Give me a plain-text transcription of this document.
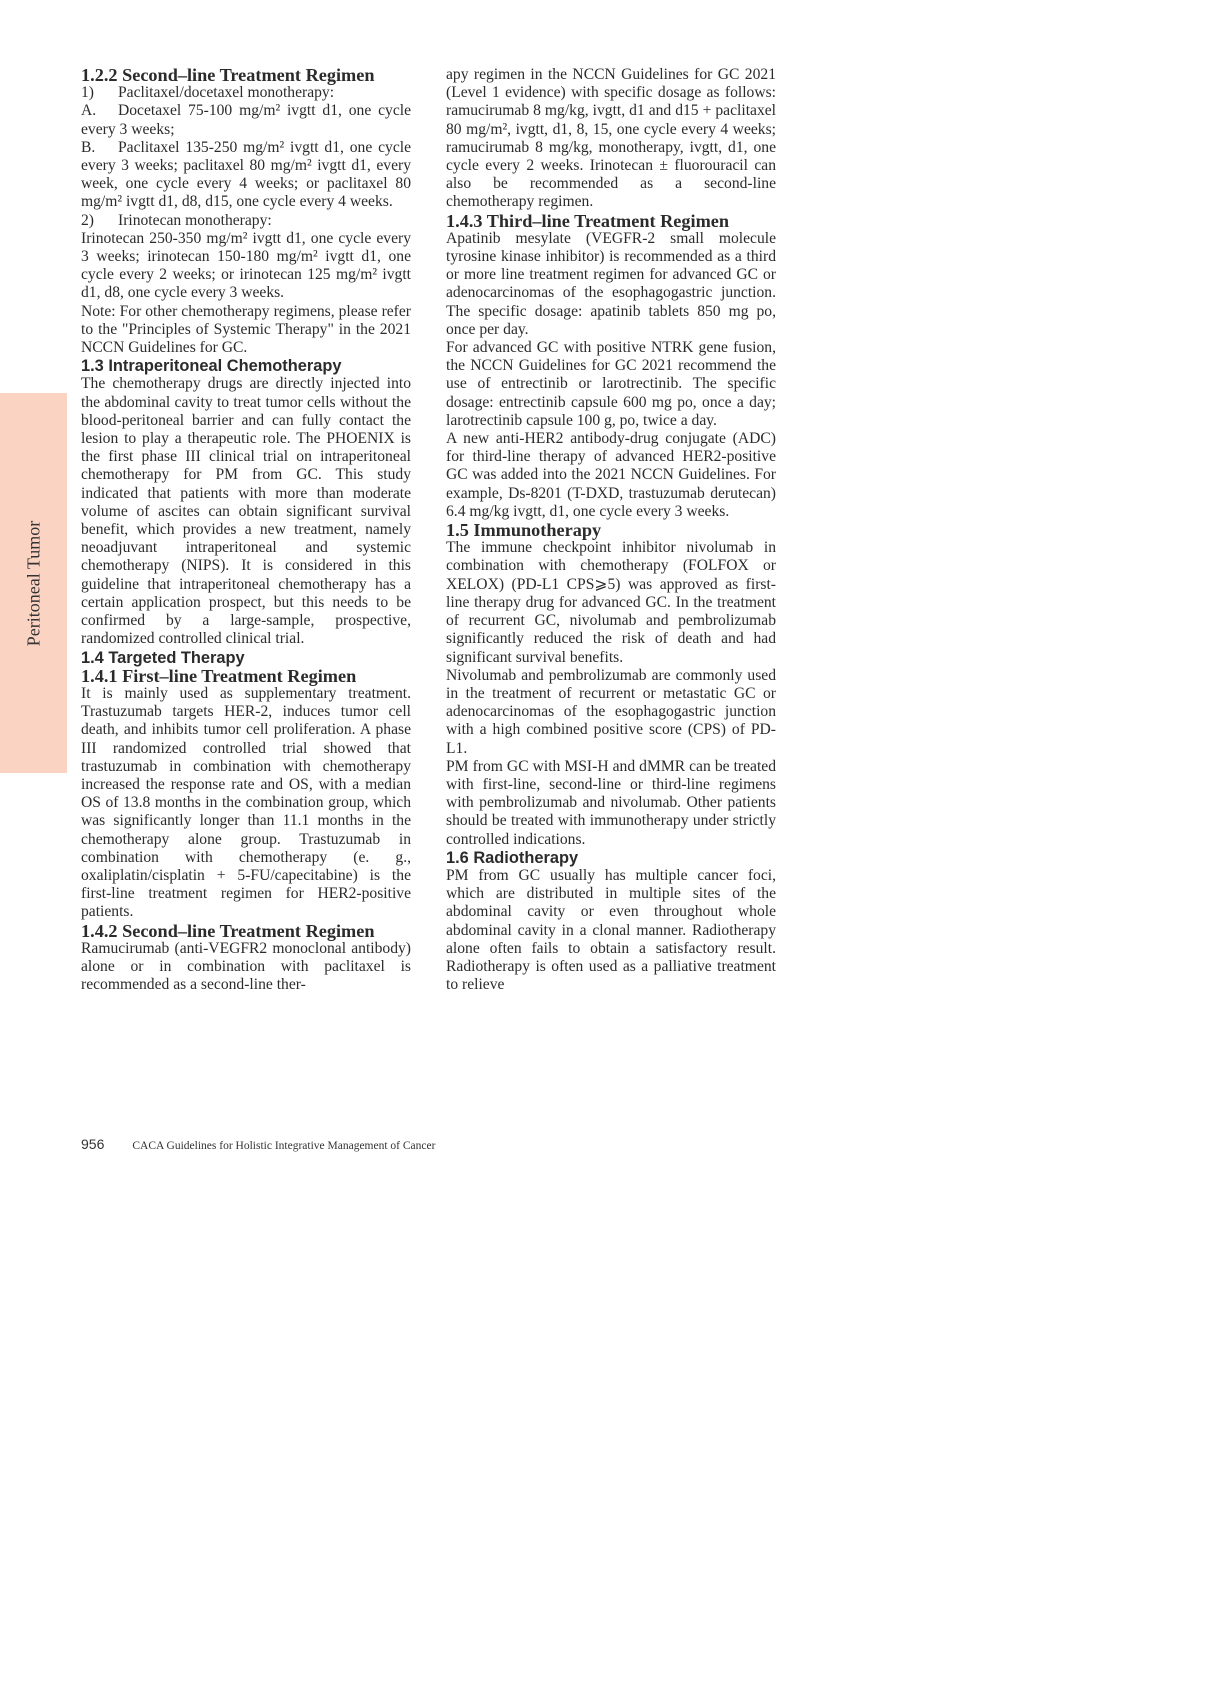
Peritoneal Tumor
1.2.2 Second–line Treatment Regimen

1) Paclitaxel/docetaxel monotherapy:

A. Docetaxel 75-100 mg/m² ivgtt d1, one cycle every 3 weeks;

B. Paclitaxel 135-250 mg/m² ivgtt d1, one cycle every 3 weeks; paclitaxel 80 mg/m² ivgtt d1, every week, one cycle every 4 weeks; or paclitaxel 80 mg/m² ivgtt d1, d8, d15, one cycle every 4 weeks.

2) Irinotecan monotherapy:

Irinotecan 250-350 mg/m² ivgtt d1, one cycle every 3 weeks; irinotecan 150-180 mg/m² ivgtt d1, one cycle every 2 weeks; or irinotecan 125 mg/m² ivgtt d1, d8, one cycle every 3 weeks.

Note: For other chemotherapy regimens, please refer to the "Principles of Systemic Therapy" in the 2021 NCCN Guidelines for GC.

1.3 Intraperitoneal Chemotherapy

The chemotherapy drugs are directly injected into the abdominal cavity to treat tumor cells without the blood-peritoneal barrier and can fully contact the lesion to play a therapeutic role. The PHOENIX is the first phase III clinical trial on intraperitoneal chemotherapy for PM from GC. This study indicated that patients with more than moderate volume of ascites can obtain significant survival benefit, which provides a new treatment, namely neoadjuvant intraperitoneal and systemic chemotherapy (NIPS). It is considered in this guideline that intraperitoneal chemotherapy has a certain application prospect, but this needs to be confirmed by a large-sample, prospective, randomized controlled clinical trial.

1.4 Targeted Therapy
1.4.1 First–line Treatment Regimen

It is mainly used as supplementary treatment. Trastuzumab targets HER-2, induces tumor cell death, and inhibits tumor cell proliferation. A phase III randomized controlled trial showed that trastuzumab in combination with chemotherapy increased the response rate and OS, with a median OS of 13.8 months in the combination group, which was significantly longer than 11.1 months in the chemotherapy alone group. Trastuzumab in combination with chemotherapy (e. g., oxaliplatin/cisplatin + 5-FU/capecitabine) is the first-line treatment regimen for HER2-positive patients.

1.4.2 Second–line Treatment Regimen

Ramucirumab (anti-VEGFR2 monoclonal antibody) alone or in combination with paclitaxel is recommended as a second-line ther-

apy regimen in the NCCN Guidelines for GC 2021 (Level 1 evidence) with specific dosage as follows: ramucirumab 8 mg/kg, ivgtt, d1 and d15 + paclitaxel 80 mg/m², ivgtt, d1, 8, 15, one cycle every 4 weeks; ramucirumab 8 mg/kg, monotherapy, ivgtt, d1, one cycle every 2 weeks. Irinotecan ± fluorouracil can also be recommended as a second-line chemotherapy regimen.

1.4.3 Third–line Treatment Regimen

Apatinib mesylate (VEGFR-2 small molecule tyrosine kinase inhibitor) is recommended as a third or more line treatment regimen for advanced GC or adenocarcinomas of the esophagogastric junction. The specific dosage: apatinib tablets 850 mg po, once per day.

For advanced GC with positive NTRK gene fusion, the NCCN Guidelines for GC 2021 recommend the use of entrectinib or larotrectinib. The specific dosage: entrectinib capsule 600 mg po, once a day; larotrectinib capsule 100 g, po, twice a day.

A new anti-HER2 antibody-drug conjugate (ADC) for third-line therapy of advanced HER2-positive GC was added into the 2021 NCCN Guidelines. For example, Ds-8201 (T-DXD, trastuzumab derutecan) 6.4 mg/kg ivgtt, d1, one cycle every 3 weeks.

1.5 Immunotherapy

The immune checkpoint inhibitor nivolumab in combination with chemotherapy (FOLFOX or XELOX) (PD-L1 CPS⩾5) was approved as first-line therapy drug for advanced GC. In the treatment of recurrent GC, nivolumab and pembrolizumab significantly reduced the risk of death and had significant survival benefits.

Nivolumab and pembrolizumab are commonly used in the treatment of recurrent or metastatic GC or adenocarcinomas of the esophagogastric junction with a high combined positive score (CPS) of PD-L1.

PM from GC with MSI-H and dMMR can be treated with first-line, second-line or third-line regimens with pembrolizumab and nivolumab. Other patients should be treated with immunotherapy under strictly controlled indications.

1.6 Radiotherapy

PM from GC usually has multiple cancer foci, which are distributed in multiple sites of the abdominal cavity or even throughout whole abdominal cavity in a clonal manner. Radiotherapy alone often fails to obtain a satisfactory result. Radiotherapy is often used as a palliative treatment to relieve

956 CACA Guidelines for Holistic Integrative Management of Cancer
